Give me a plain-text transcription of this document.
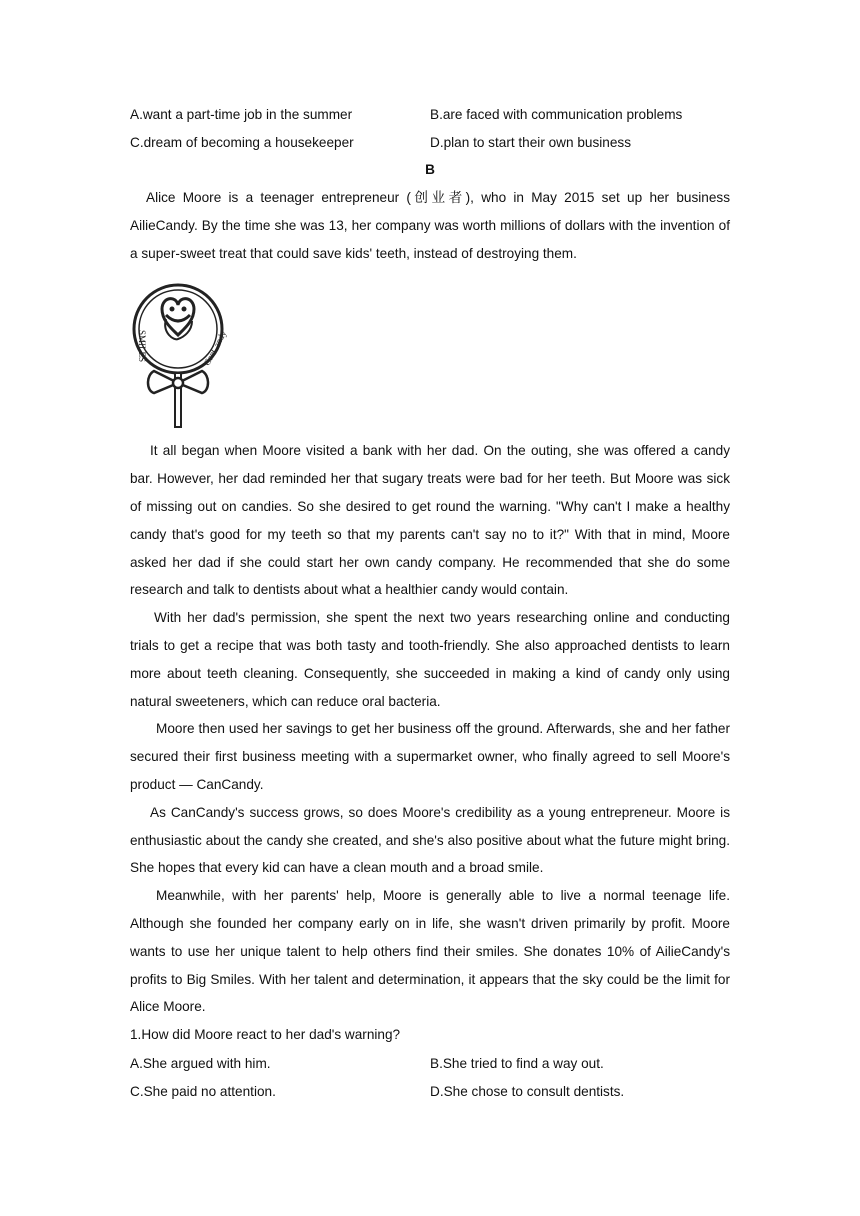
A.want a part-time job in the summer	B.are faced with communication problems
C.dream of becoming a housekeeper	D.plan to start their own business
B

Alice Moore is a teenager entrepreneur (创业者), who in May 2015 set up her business AilieCandy. By the time she was 13, her company was worth millions of dollars with the invention of a super-sweet treat that could save kids' teeth, instead of destroying them.

SMILES	CanCandy

It all began when Moore visited a bank with her dad. On the outing, she was offered a candy bar. However, her dad reminded her that sugary treats were bad for her teeth. But Moore was sick of missing out on candies. So she desired to get round the warning. "Why can't I make a healthy candy that's good for my teeth so that my parents can't say no to it?" With that in mind, Moore asked her dad if she could start her own candy company. He recommended that she do some research and talk to dentists about what a healthier candy would contain.

With her dad's permission, she spent the next two years researching online and conducting trials to get a recipe that was both tasty and tooth-friendly. She also approached dentists to learn more about teeth cleaning. Consequently, she succeeded in making a kind of candy only using natural sweeteners, which can reduce oral bacteria.

Moore then used her savings to get her business off the ground. Afterwards, she and her father secured their first business meeting with a supermarket owner, who finally agreed to sell Moore's product — CanCandy.

As CanCandy's success grows, so does Moore's credibility as a young entrepreneur. Moore is enthusiastic about the candy she created, and she's also positive about what the future might bring. She hopes that every kid can have a clean mouth and a broad smile.

Meanwhile, with her parents' help, Moore is generally able to live a normal teenage life. Although she founded her company early on in life, she wasn't driven primarily by profit. Moore wants to use her unique talent to help others find their smiles. She donates 10% of AilieCandy's profits to Big Smiles. With her talent and determination, it appears that the sky could be the limit for Alice Moore.

1.How did Moore react to her dad's warning?
A.She argued with him.	B.She tried to find a way out.
C.She paid no attention.	D.She chose to consult dentists.
